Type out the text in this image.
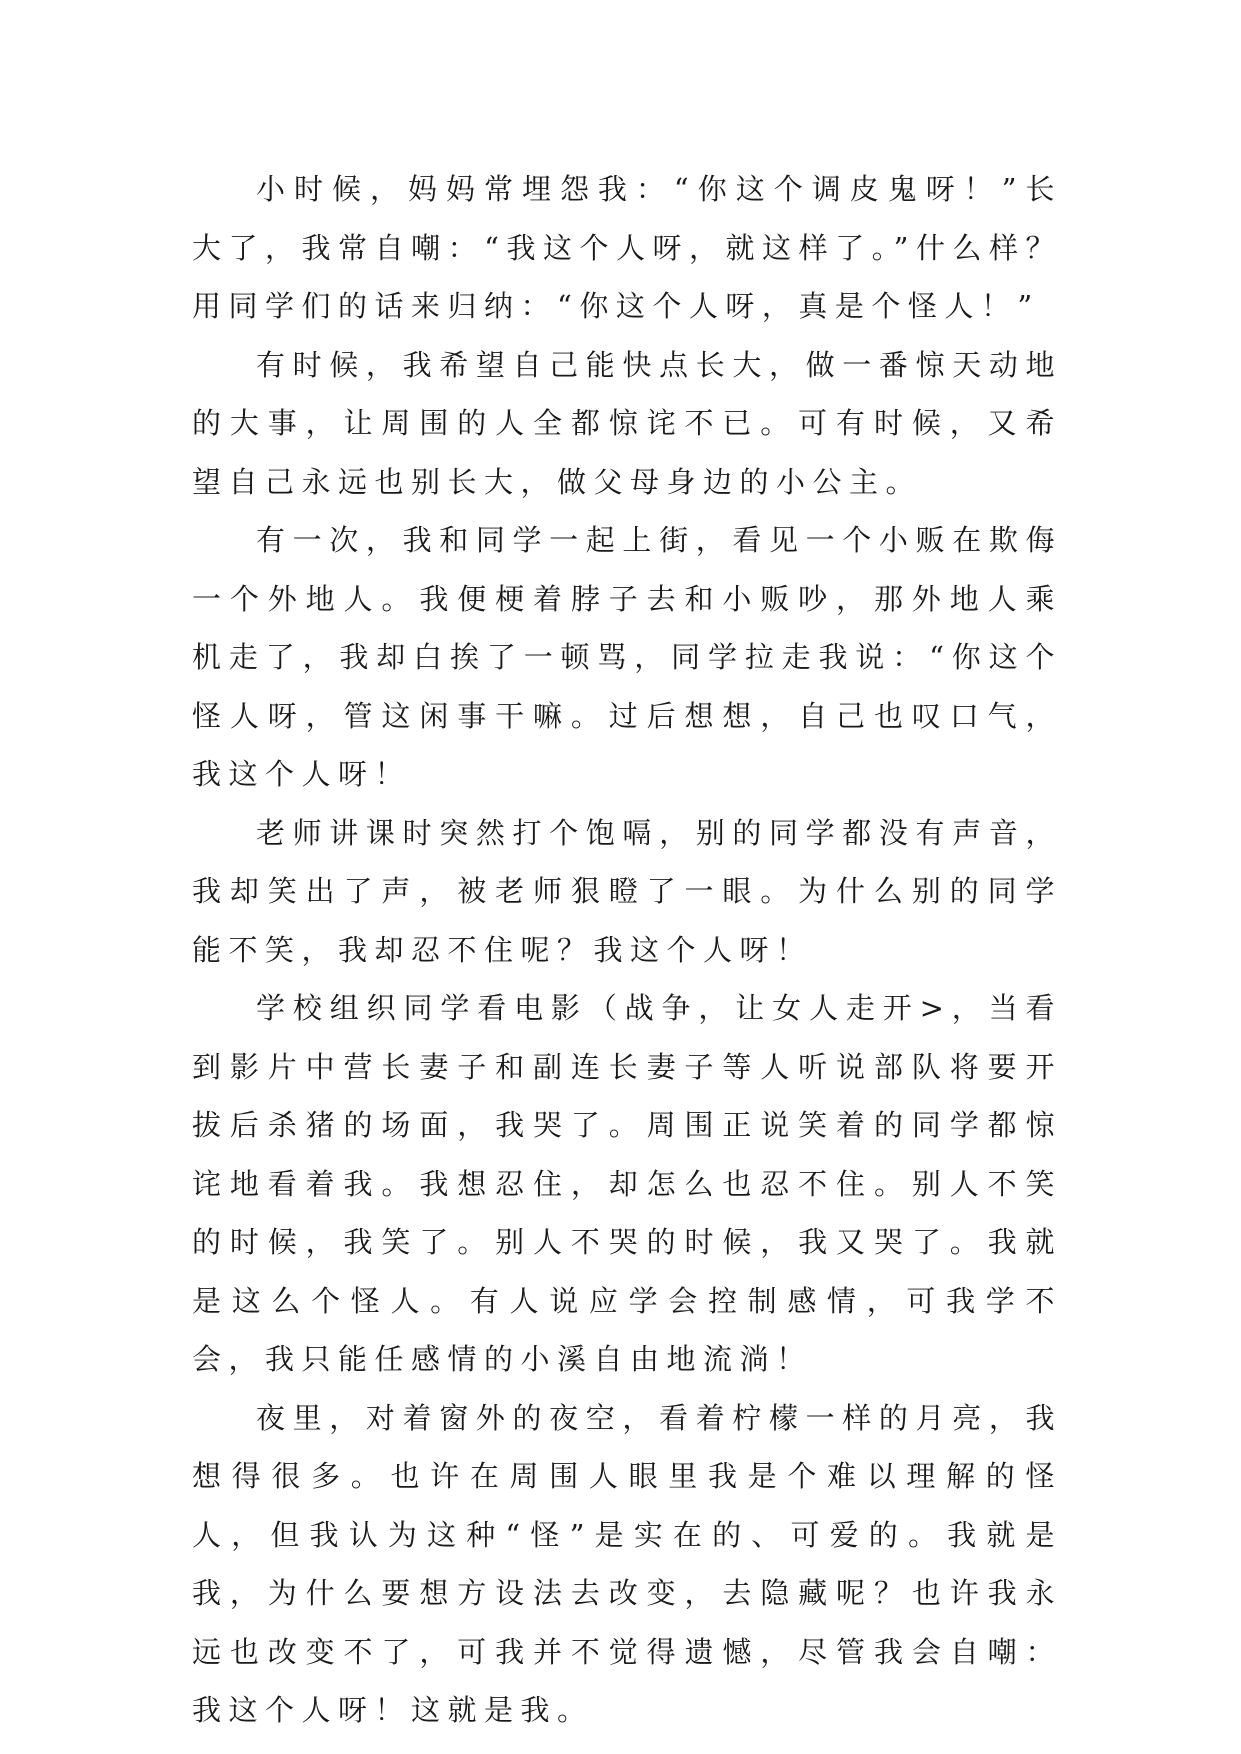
小时候，妈妈常埋怨我：“你这个调皮鬼呀！”长大了，我常自嘲：“我这个人呀，就这样了。”什么样？用同学们的话来归纳：“你这个人呀，真是个怪人！”

有时候，我希望自己能快点长大，做一番惊天动地的大事，让周围的人全都惊诧不已。可有时候，又希望自己永远也别长大，做父母身边的小公主。

有一次，我和同学一起上街，看见一个小贩在欺侮一个外地人。我便梗着脖子去和小贩吵，那外地人乘机走了，我却白挨了一顿骂，同学拉走我说：“你这个怪人呀，管这闲事干嘛。过后想想，自己也叹口气，我这个人呀！

老师讲课时突然打个饱嗝，别的同学都没有声音，我却笑出了声，被老师狠瞪了一眼。为什么别的同学能不笑，我却忍不住呢？我这个人呀！

学校组织同学看电影（战争，让女人走开>，当看到影片中营长妻子和副连长妻子等人听说部队将要开拔后杀猪的场面，我哭了。周围正说笑着的同学都惊诧地看着我。我想忍住，却怎么也忍不住。别人不笑的时候，我笑了。别人不哭的时候，我又哭了。我就是这么个怪人。有人说应学会控制感情，可我学不会，我只能任感情的小溪自由地流淌！

夜里，对着窗外的夜空，看着柠檬一样的月亮，我想得很多。也许在周围人眼里我是个难以理解的怪人，但我认为这种“怪”是实在的、可爱的。我就是我，为什么要想方设法去改变，去隐藏呢？也许我永远也改变不了，可我并不觉得遗憾，尽管我会自嘲：我这个人呀！这就是我。
